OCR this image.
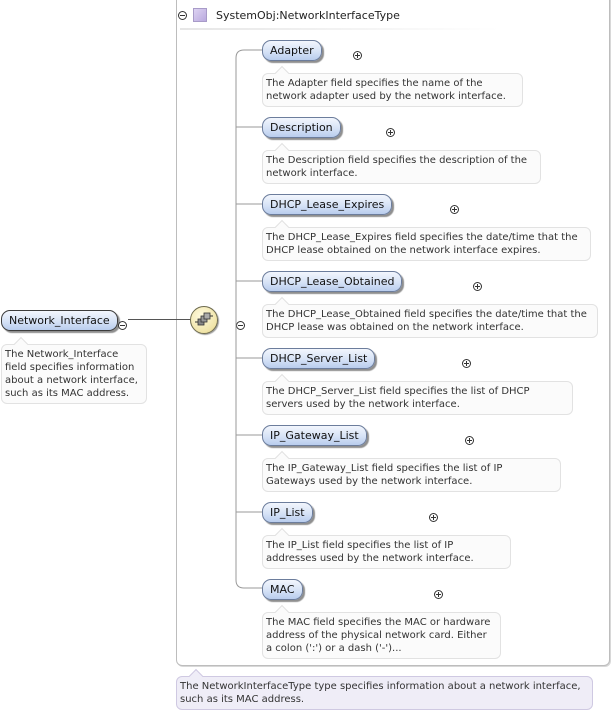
SystemObj:NetworkInterfaceType
Network_Interface

The Network_Interface field specifies information about a network interface, such as its MAC address.

Adapter

The Adapter field specifies the name of the network adapter used by the network interface.
Description

The Description field specifies the description of the network interface.
DHCP_Lease_Expires

The DHCP_Lease_Expires field specifies the date/time that the DHCP lease obtained on the network interface expires.
DHCP_Lease_Obtained

The DHCP_Lease_Obtained field specifies the date/time that the DHCP lease was obtained on the network interface.
DHCP_Server_List

The DHCP_Server_List field specifies the list of DHCP servers used by the network interface.
IP_Gateway_List

The IP_Gateway_List field specifies the list of IP Gateways used by the network interface.
IP_List

The IP_List field specifies the list of IP addresses used by the network interface.
MAC
The MAC field specifies the MAC or hardware address of the physical network card. Either a colon (':') or a dash ('-')...
The NetworkInterfaceType type specifies information about a network interface, such as its MAC address.
